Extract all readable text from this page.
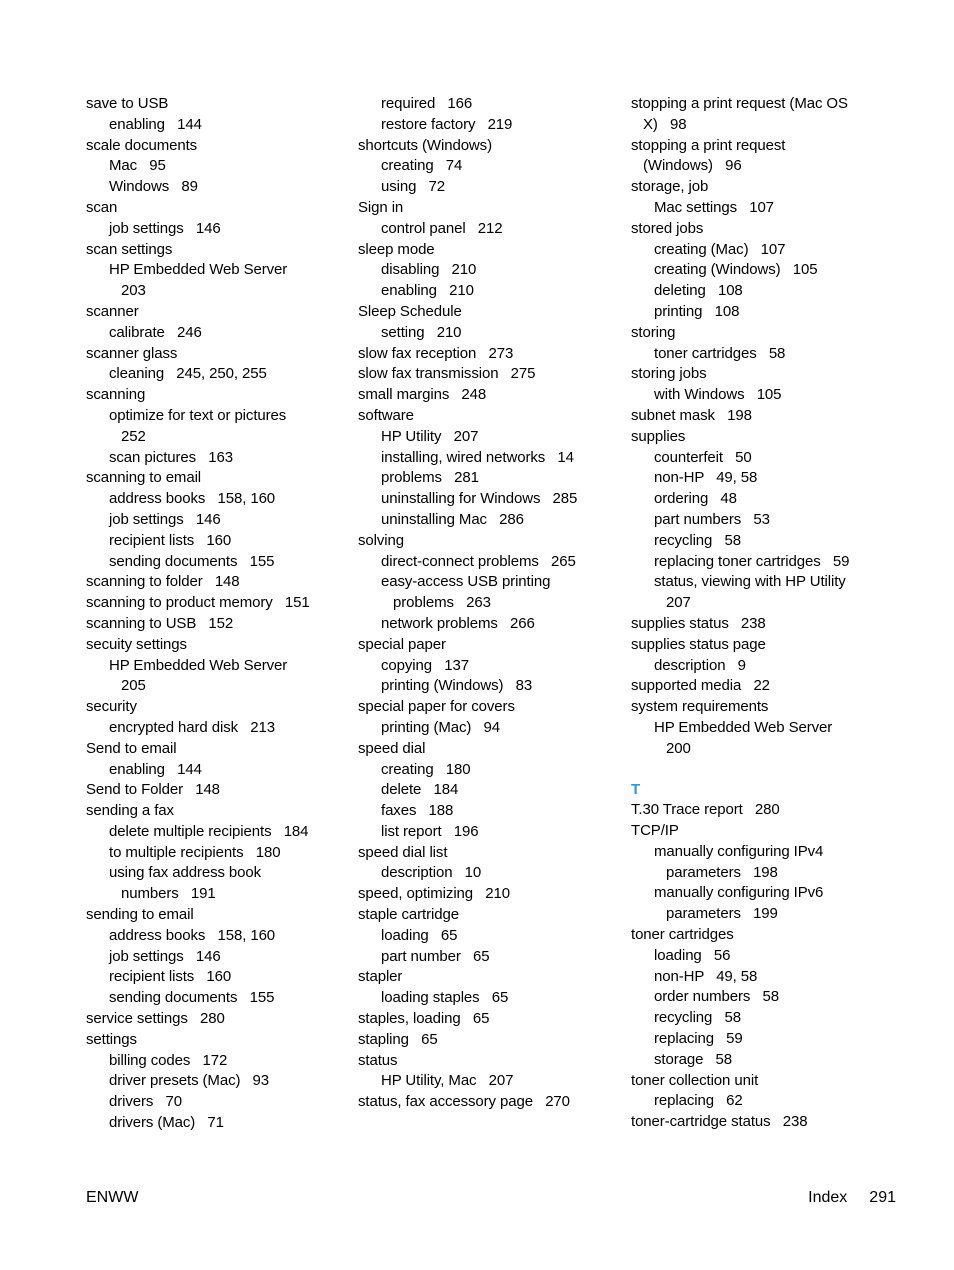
save to USB
enabling   144
scale documents
Mac   95
Windows   89
scan
job settings   146
scan settings
HP Embedded Web Server
203
scanner
calibrate   246
scanner glass
cleaning   245, 250, 255
scanning
optimize for text or pictures
252
scan pictures   163
scanning to email
address books   158, 160
job settings   146
recipient lists   160
sending documents   155
scanning to folder   148
scanning to product memory   151
scanning to USB   152
secuity settings
HP Embedded Web Server
205
security
encrypted hard disk   213
Send to email
enabling   144
Send to Folder   148
sending a fax
delete multiple recipients   184
to multiple recipients   180
using fax address book
numbers   191
sending to email
address books   158, 160
job settings   146
recipient lists   160
sending documents   155
service settings   280
settings
billing codes   172
driver presets (Mac)   93
drivers   70
drivers (Mac)   71
required   166
restore factory   219
shortcuts (Windows)
creating   74
using   72
Sign in
control panel   212
sleep mode
disabling   210
enabling   210
Sleep Schedule
setting   210
slow fax reception   273
slow fax transmission   275
small margins   248
software
HP Utility   207
installing, wired networks   14
problems   281
uninstalling for Windows   285
uninstalling Mac   286
solving
direct-connect problems   265
easy-access USB printing
problems   263
network problems   266
special paper
copying   137
printing (Windows)   83
special paper for covers
printing (Mac)   94
speed dial
creating   180
delete   184
faxes   188
list report   196
speed dial list
description   10
speed, optimizing   210
staple cartridge
loading   65
part number   65
stapler
loading staples   65
staples, loading   65
stapling   65
status
HP Utility, Mac   207
status, fax accessory page   270
stopping a print request (Mac OS
X)   98
stopping a print request
(Windows)   96
storage, job
Mac settings   107
stored jobs
creating (Mac)   107
creating (Windows)   105
deleting   108
printing   108
storing
toner cartridges   58
storing jobs
with Windows   105
subnet mask   198
supplies
counterfeit   50
non-HP   49, 58
ordering   48
part numbers   53
recycling   58
replacing toner cartridges   59
status, viewing with HP Utility
207
supplies status   238
supplies status page
description   9
supported media   22
system requirements
HP Embedded Web Server
200
T
T.30 Trace report   280
TCP/IP
manually configuring IPv4
parameters   198
manually configuring IPv6
parameters   199
toner cartridges
loading   56
non-HP   49, 58
order numbers   58
recycling   58
replacing   59
storage   58
toner collection unit
replacing   62
toner-cartridge status   238
ENWW	Index 291
